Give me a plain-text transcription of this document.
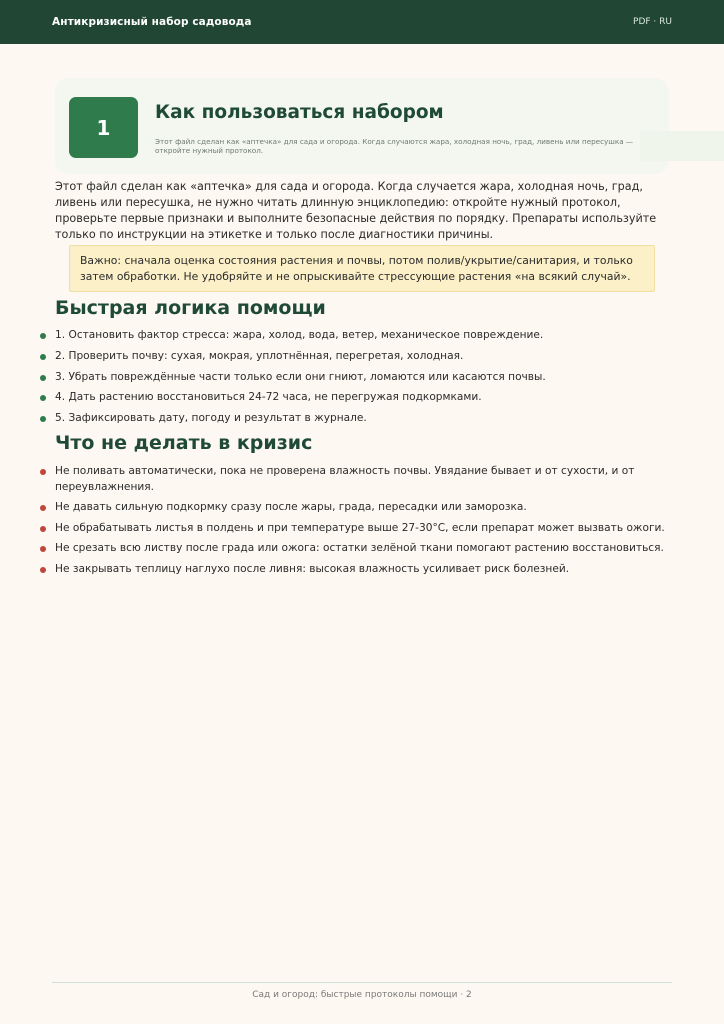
Антикризисный набор садовода	PDF · RU
1
Как пользоваться набором
Этот файл сделан как «аптечка» для сада и огорода. Когда случаются жара, холодная ночь, град, ливень или пересушка — откройте нужный протокол.

Этот файл сделан как «аптечка» для сада и огорода. Когда случается жара, холодная ночь, град, ливень или пересушка, не нужно читать длинную энциклопедию: откройте нужный протокол, проверьте первые признаки и выполните безопасные действия по порядку. Препараты используйте только по инструкции на этикетке и только после диагностики причины.

Важно: сначала оценка состояния растения и почвы, потом полив/укрытие/санитария, и только затем обработки. Не удобряйте и не опрыскивайте стрессующие растения «на всякий случай».
Быстрая логика помощи
1. Остановить фактор стресса: жара, холод, вода, ветер, механическое повреждение.
2. Проверить почву: сухая, мокрая, уплотнённая, перегретая, холодная.
3. Убрать повреждённые части только если они гниют, ломаются или касаются почвы.
4. Дать растению восстановиться 24-72 часа, не перегружая подкормками.
5. Зафиксировать дату, погоду и результат в журнале.
Что не делать в кризис
Не поливать автоматически, пока не проверена влажность почвы. Увядание бывает и от сухости, и от переувлажнения.
Не давать сильную подкормку сразу после жары, града, пересадки или заморозка.
Не обрабатывать листья в полдень и при температуре выше 27-30°C, если препарат может вызвать ожоги.
Не срезать всю листву после града или ожога: остатки зелёной ткани помогают растению восстановиться.
Не закрывать теплицу наглухо после ливня: высокая влажность усиливает риск болезней.
Сад и огород: быстрые протоколы помощи · 2
